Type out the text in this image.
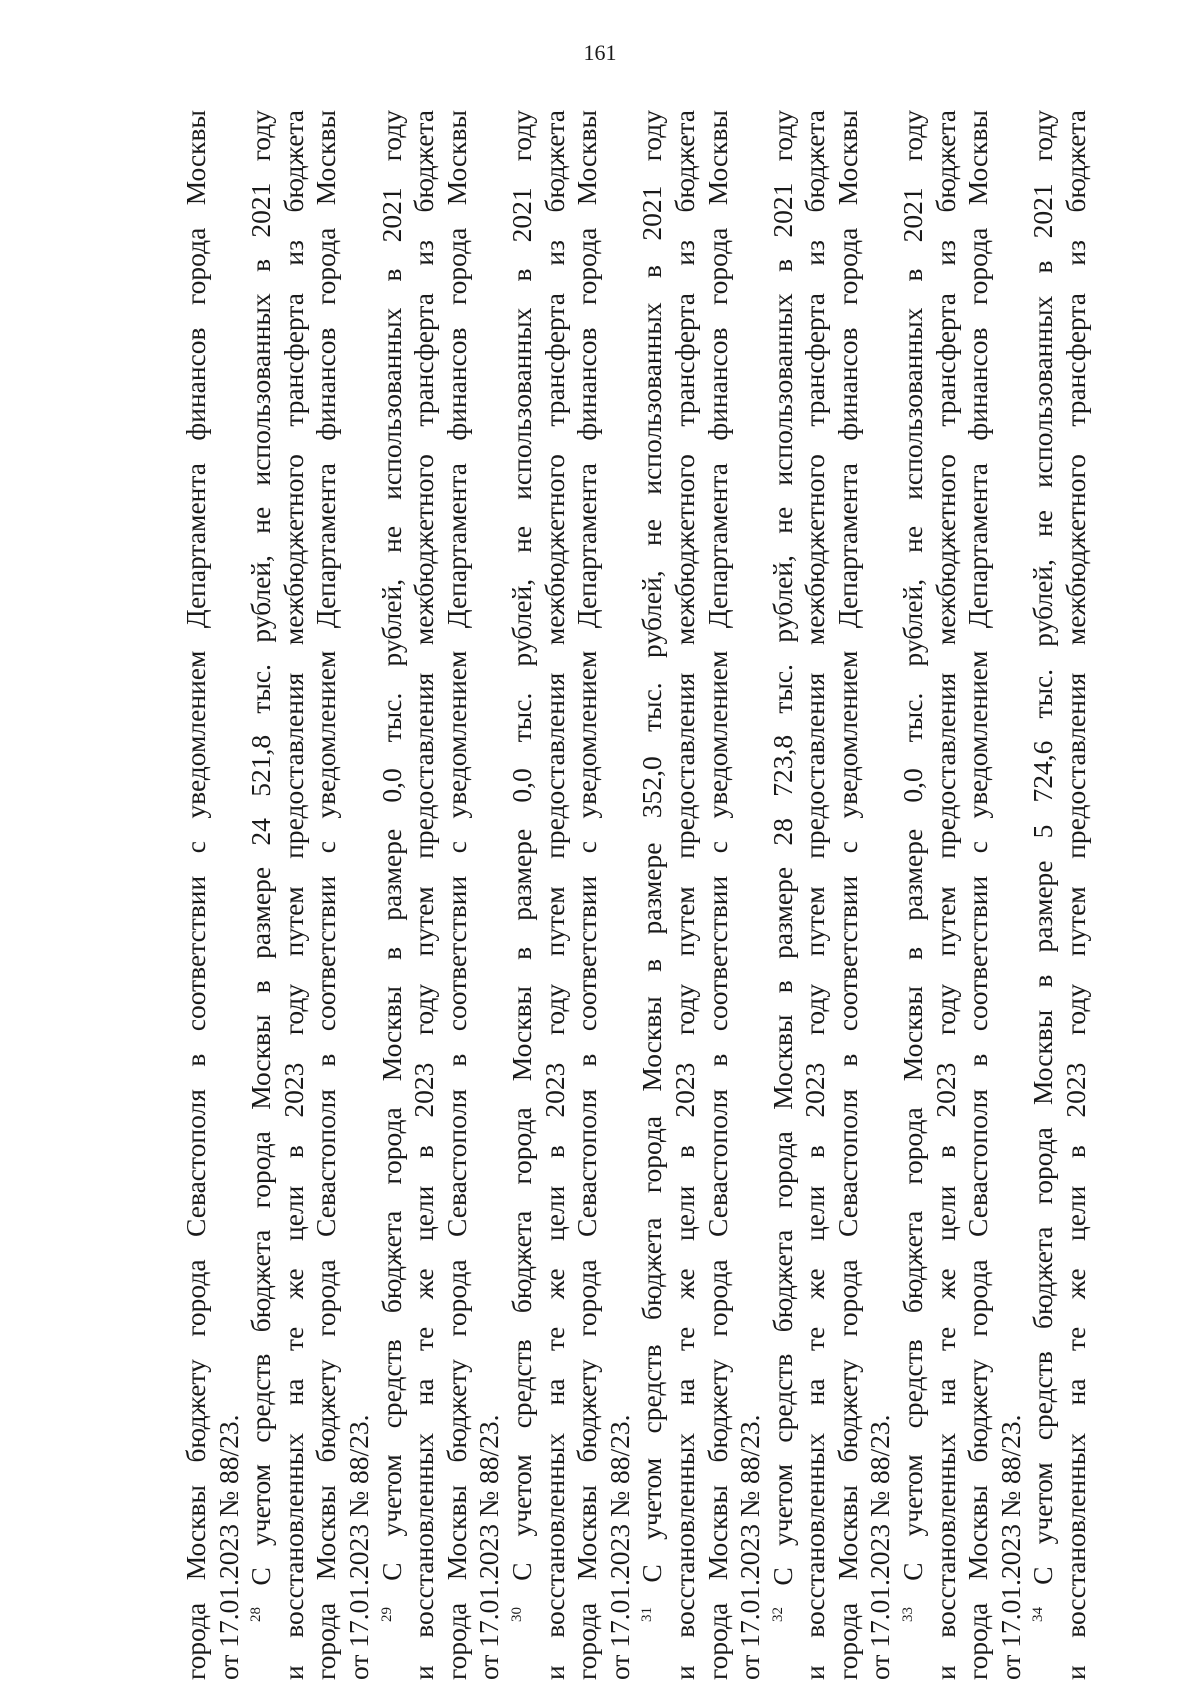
161
города Москвы бюджету города Севастополя в соответствии с уведомлением Департамента финансов города Москвы от 17.01.2023 № 88/23. $^{28}$ С учетом средств бюджета города Москвы в размере 24 521,8 тыс. рублей, не использованных в 2021 году и восстановленных на те же цели в 2023 году путем предоставления межбюджетного трансферта из бюджета города Москвы бюджету города Севастополя в соответствии с уведомлением Департамента финансов города Москвы от 17.01.2023 № 88/23. $^{29}$ С учетом средств бюджета города Москвы в размере 0,0 тыс. рублей, не использованных в 2021 году и восстановленных на те же цели в 2023 году путем предоставления межбюджетного трансферта из бюджета города Москвы бюджету города Севастополя в соответствии с уведомлением Департамента финансов города Москвы от 17.01.2023 № 88/23. $^{30}$ С учетом средств бюджета города Москвы в размере 0,0 тыс. рублей, не использованных в 2021 году и восстановленных на те же цели в 2023 году путем предоставления межбюджетного трансферта из бюджета города Москвы бюджету города Севастополя в соответствии с уведомлением Департамента финансов города Москвы от 17.01.2023 № 88/23. $^{31}$ С учетом средств бюджета города Москвы в размере 352,0 тыс. рублей, не использованных в 2021 году и восстановленных на те же цели в 2023 году путем предоставления межбюджетного трансферта из бюджета города Москвы бюджету города Севастополя в соответствии с уведомлением Департамента финансов города Москвы от 17.01.2023 № 88/23. $^{32}$ С учетом средств бюджета города Москвы в размере 28 723,8 тыс. рублей, не использованных в 2021 году и восстановленных на те же цели в 2023 году путем предоставления межбюджетного трансферта из бюджета города Москвы бюджету города Севастополя в соответствии с уведомлением Департамента финансов города Москвы от 17.01.2023 № 88/23. $^{33}$ С учетом средств бюджета города Москвы в размере 0,0 тыс. рублей, не использованных в 2021 году и восстановленных на те же цели в 2023 году путем предоставления межбюджетного трансферта из бюджета города Москвы бюджету города Севастополя в соответствии с уведомлением Департамента финансов города Москвы от 17.01.2023 № 88/23. $^{34}$ С учетом средств бюджета города Москвы в размере 5 724,6 тыс. рублей, не использованных в 2021 году и восстановленных на те же цели в 2023 году путем предоставления межбюджетного трансферта из бюджета
